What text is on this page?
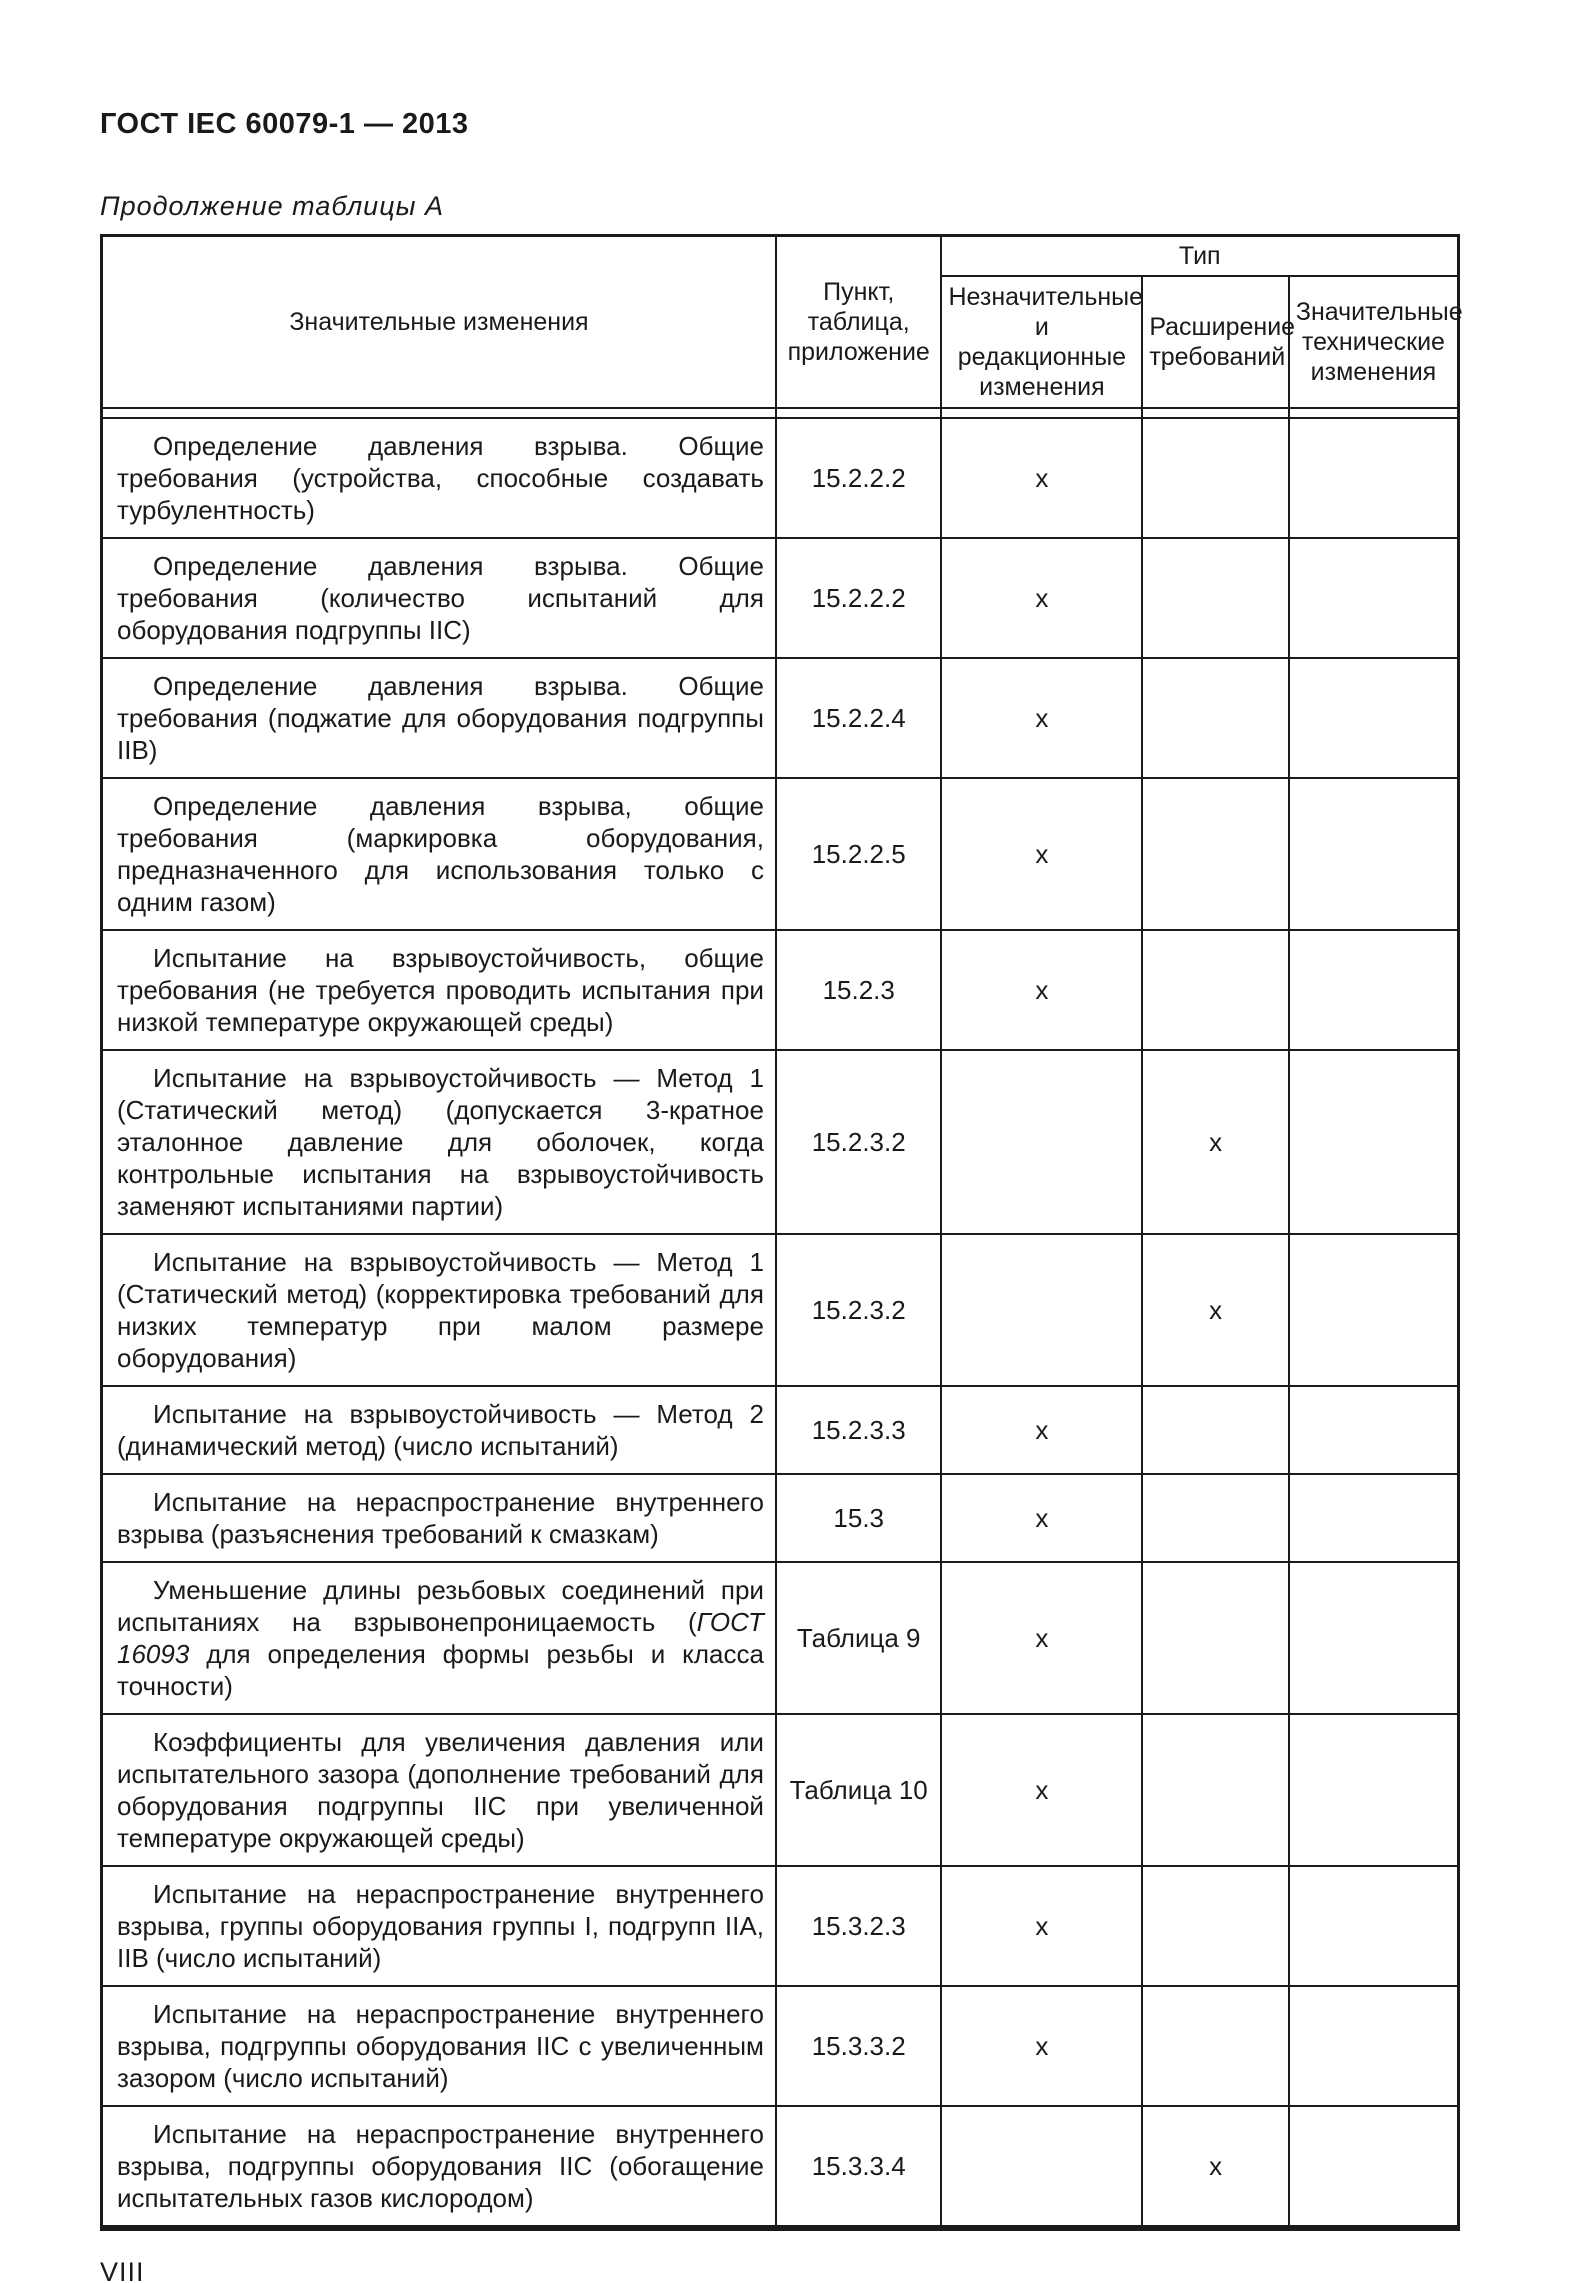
ГОСТ IEC 60079-1 — 2013
Продолжение таблицы А
Значительные изменения	Пункт, таблица, приложение	Тип		
		Незначительные и редакционные изменения	Расширение требований	Значительные технические изменения

Определение давления взрыва. Общие требования (устройства, способные создавать турбулентность)	15.2.2.2	x		
Определение давления взрыва. Общие требования (количество испытаний для оборудования подгруппы IIC)	15.2.2.2	x		
Определение давления взрыва. Общие требования (поджатие для оборудования подгруппы IIB)	15.2.2.4	x		
Определение давления взрыва, общие требования (маркировка оборудования, предназначенного для использования только с одним газом)	15.2.2.5	x		
Испытание на взрывоустойчивость, общие требования (не требуется проводить испытания при низкой температуре окружающей среды)	15.2.3	x		
Испытание на взрывоустойчивость — Метод 1 (Статический метод) (допускается 3-кратное эталонное давление для оболочек, когда контрольные испытания на взрывоустойчивость заменяют испытаниями партии)	15.2.3.2		x	
Испытание на взрывоустойчивость — Метод 1 (Статический метод) (корректировка требований для низких температур при малом размере оборудования)	15.2.3.2		x	
Испытание на взрывоустойчивость — Метод 2 (динамический метод) (число испытаний)	15.2.3.3	x		
Испытание на нераспространение внутреннего взрыва (разъяснения требований к смазкам)	15.3	x		
Уменьшение длины резьбовых соединений при испытаниях на взрывонепроницаемость (ГОСТ 16093 для определения формы резьбы и класса точности)	Таблица 9	x		
Коэффициенты для увеличения давления или испытательного зазора (дополнение требований для оборудования подгруппы IIC при увеличенной температуре окружающей среды)	Таблица 10	x		
Испытание на нераспространение внутреннего взрыва, группы оборудования группы I, подгрупп IIA, IIB (число испытаний)	15.3.2.3	x		
Испытание на нераспространение внутреннего взрыва, подгруппы оборудования IIC с увеличенным зазором (число испытаний)	15.3.3.2	x		
Испытание на нераспространение внутреннего взрыва, подгруппы оборудования IIC (обогащение испытательных газов кислородом)	15.3.3.4		x	
VIII
